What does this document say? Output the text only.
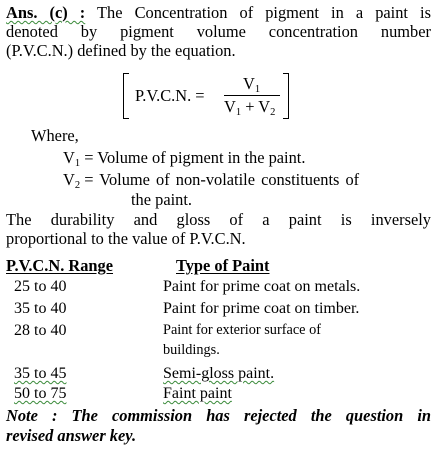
Ans. (c) : The Concentration of pigment in a paint is
denoted by pigment volume concentration number
(P.V.C.N.) defined by the equation.
P.V.C.N. =
V1
V1 + V2
Where,
V1 = Volume of pigment in the paint.
V2 = Volume of non-volatile constituents of
the paint.
The durability and gloss of a paint is inversely
proportional to the value of P.V.C.N.
P.V.C.N. Range	Type of Paint
25 to 40	Paint for prime coat on metals.
35 to 40	Paint for prime coat on timber.
28 to 40	Paint for exterior surface of
buildings.
35 to 45	Semi-gloss paint.
50 to 75	Faint paint
Note : The commission has rejected the question in
revised answer key.
